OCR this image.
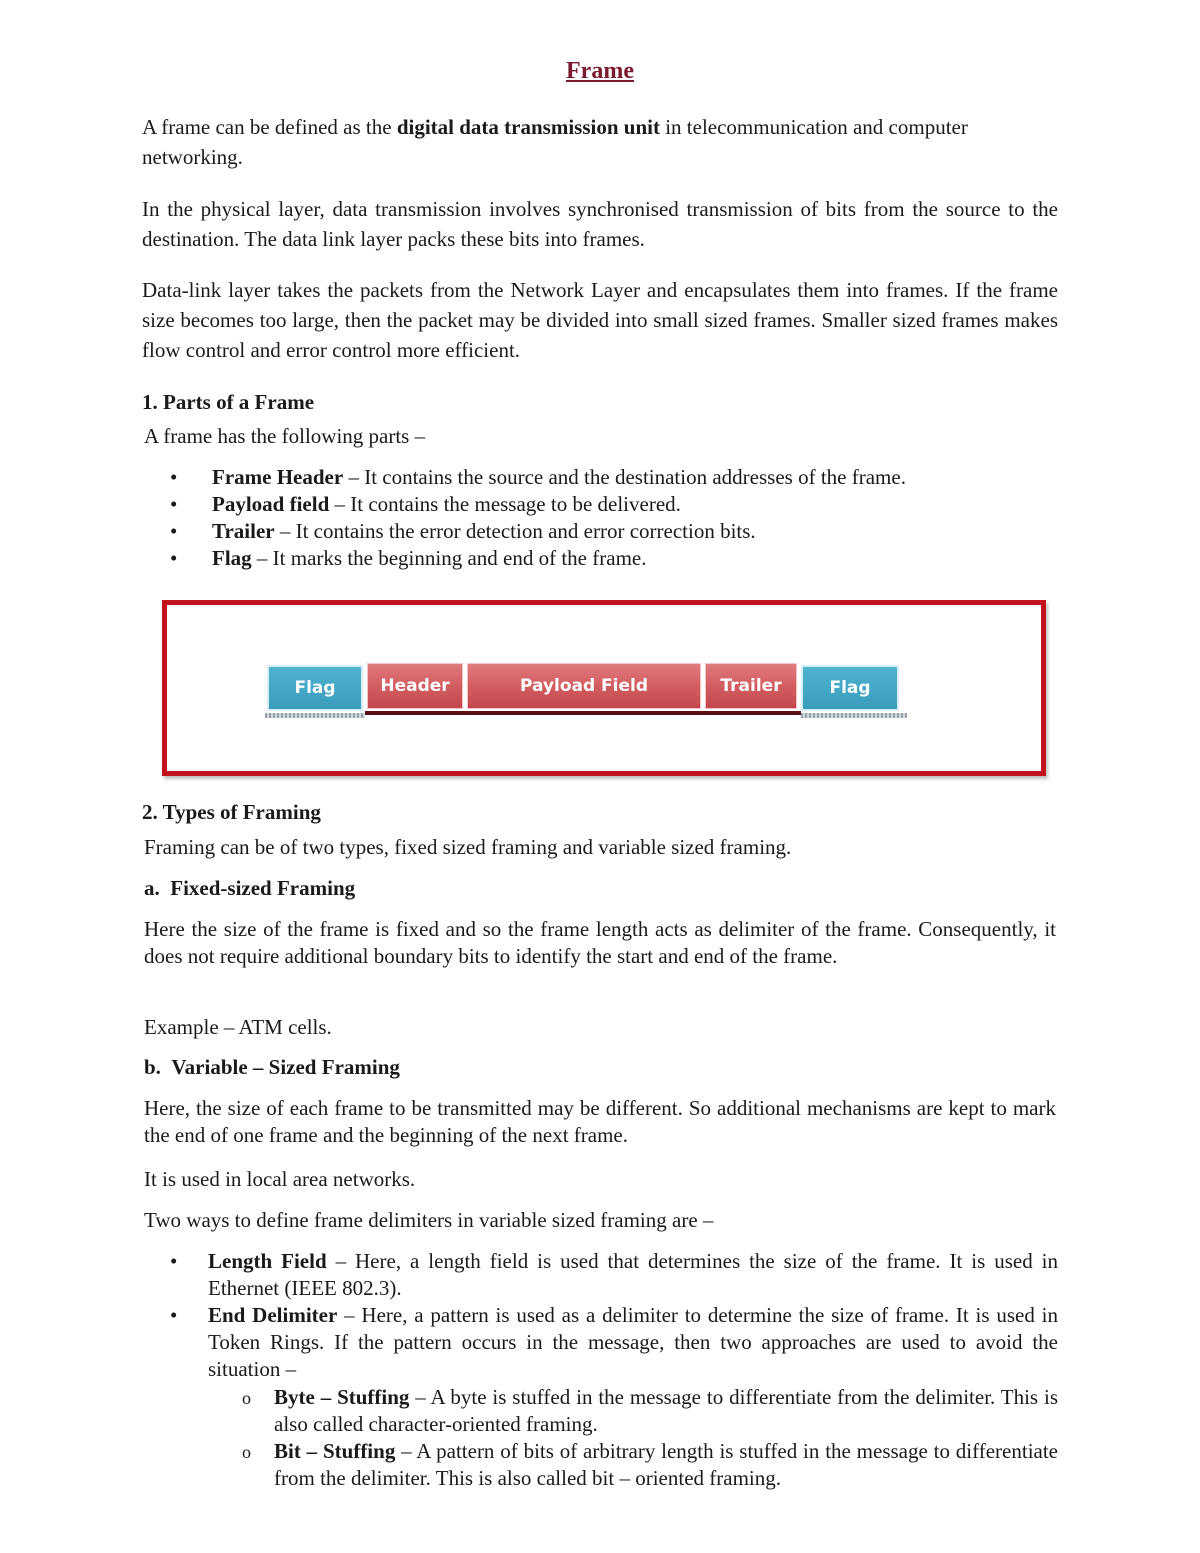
Frame

A frame can be defined as the digital data transmission unit in telecommunication and computer networking.

In the physical layer, data transmission involves synchronised transmission of bits from the source to the destination. The data link layer packs these bits into frames.

Data-link layer takes the packets from the Network Layer and encapsulates them into frames. If the frame size becomes too large, then the packet may be divided into small sized frames. Smaller sized frames makes flow control and error control more efficient.

1. Parts of a Frame
A frame has the following parts –
• Frame Header – It contains the source and the destination addresses of the frame.
• Payload field – It contains the message to be delivered.
• Trailer – It contains the error detection and error correction bits.
• Flag – It marks the beginning and end of the frame.
2. Types of Framing
Framing can be of two types, fixed sized framing and variable sized framing.
a.  Fixed-sized Framing

Here the size of the frame is fixed and so the frame length acts as delimiter of the frame. Consequently, it does not require additional boundary bits to identify the start and end of the frame.

Example – ATM cells.
b.  Variable – Sized Framing

Here, the size of each frame to be transmitted may be different. So additional mechanisms are kept to mark the end of one frame and the beginning of the next frame.

It is used in local area networks.
Two ways to define frame delimiters in variable sized framing are –
• Length Field – Here, a length field is used that determines the size of the frame. It is used in Ethernet (IEEE 802.3).
• End Delimiter – Here, a pattern is used as a delimiter to determine the size of frame. It is used in Token Rings. If the pattern occurs in the message, then two approaches are used to avoid the situation –
o Byte – Stuffing – A byte is stuffed in the message to differentiate from the delimiter. This is also called character-oriented framing.
o Bit – Stuffing – A pattern of bits of arbitrary length is stuffed in the message to differentiate from the delimiter. This is also called bit – oriented framing.
Flag	Header	Payload Field	Trailer	Flag
